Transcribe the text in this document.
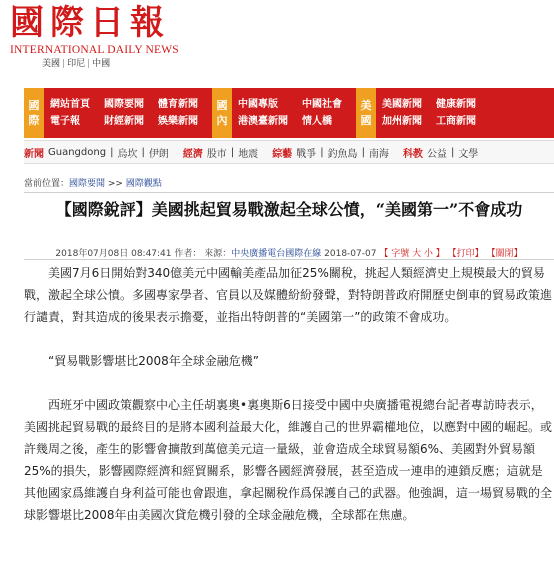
國際日報
INTERNATIONAL DAILY NEWS
美國 | 印尼 | 中國
國
際
網站首頁
電子報
國際要聞
財經新聞
體育新聞
娛樂新聞
國
內
中國專版
港澳臺新聞
中國社會
情人橋
美
國
美國新聞
加州新聞
健康新聞
工商新聞
新聞 Guangdong | 烏坎 | 伊朗 經濟 股市 | 地震 綜藝 戰爭 | 釣魚島 | 南海 科教 公益 | 文學
當前位置：國際要聞 >> 國際觀點
【國際銳評】美國挑起貿易戰激起全球公憤，“美國第一”不會成功
2018年07月08日 08:47:41 作者： 來源：中央廣播電台國際在線 2018-07-07 【 字號 大 小 】 【打印】 【關閉】

美國7月6日開始對340億美元中國輸美產品加征25%關稅，挑起人類經濟史上規模最大的貿易戰，激起全球公憤。多國專家學者、官員以及媒體紛紛發聲，對特朗普政府開歷史倒車的貿易政策進行譴責，對其造成的後果表示擔憂，並指出特朗普的“美國第一”的政策不會成功。

“貿易戰影響堪比2008年全球金融危機”

西班牙中國政策觀察中心主任胡裏奧•裏奧斯6日接受中國中央廣播電視總台記者專訪時表示，美國挑起貿易戰的最終目的是將本國利益最大化，維護自己的世界霸權地位，以應對中國的崛起。或許幾周之後，產生的影響會擴散到萬億美元這一量級，並會造成全球貿易額6%、美國對外貿易額25%的損失，影響國際經濟和經貿關系，影響各國經濟發展，甚至造成一連串的連鎖反應；這就是其他國家爲維護自身利益可能也會跟進，拿起關稅作爲保護自己的武器。他強調，這一場貿易戰的全球影響堪比2008年由美國次貸危機引發的全球金融危機，全球都在焦慮。
